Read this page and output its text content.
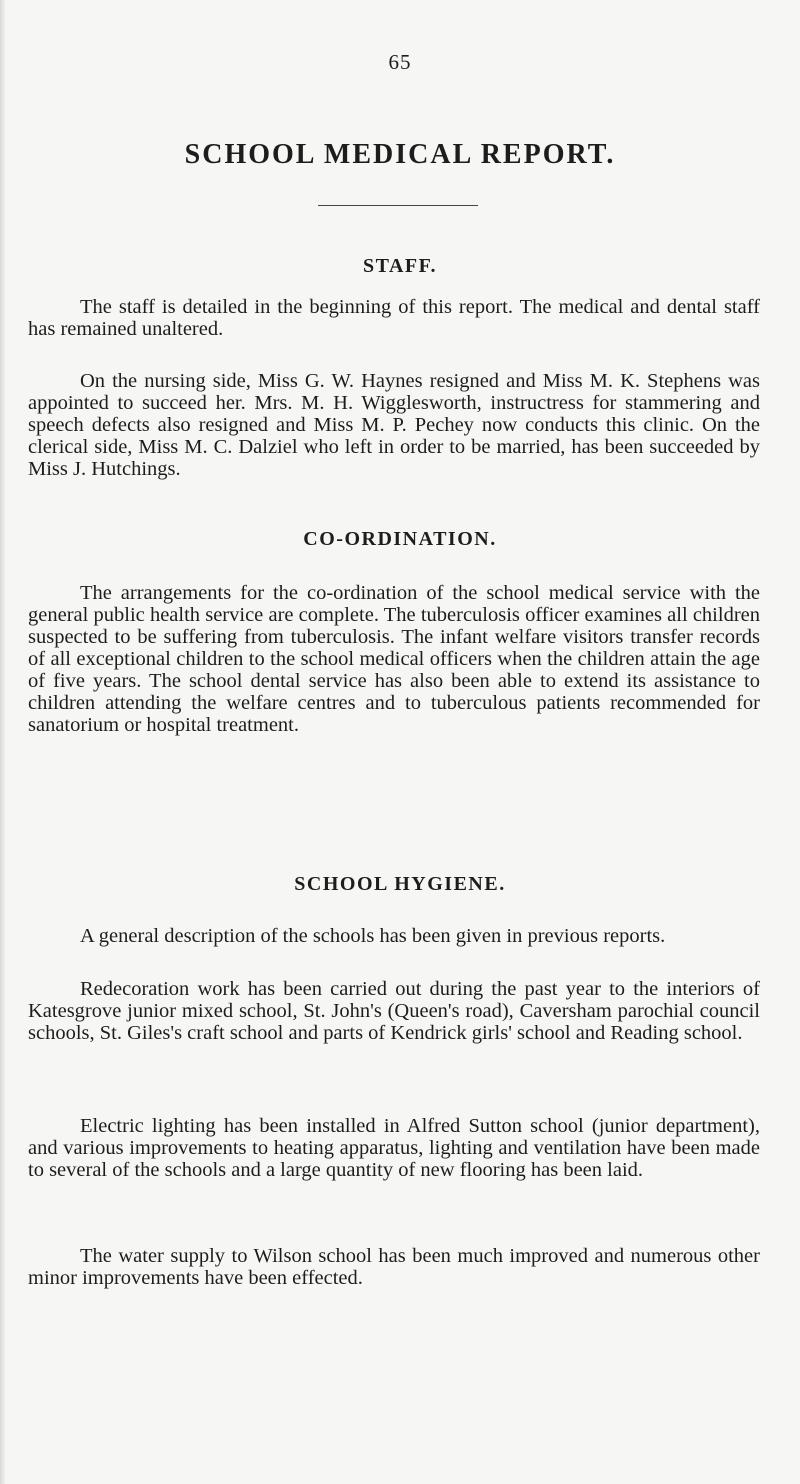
65
SCHOOL MEDICAL REPORT.
STAFF.

The staff is detailed in the beginning of this report. The medical and dental staff has remained unaltered.

On the nursing side, Miss G. W. Haynes resigned and Miss M. K. Stephens was appointed to succeed her. Mrs. M. H. Wigglesworth, instructress for stammering and speech defects also resigned and Miss M. P. Pechey now conducts this clinic. On the clerical side, Miss M. C. Dalziel who left in order to be married, has been succeeded by Miss J. Hutchings.

CO-ORDINATION.

The arrangements for the co-ordination of the school medical service with the general public health service are complete. The tuberculosis officer examines all children suspected to be suffering from tuberculosis. The infant welfare visitors transfer records of all exceptional children to the school medical officers when the children attain the age of five years. The school dental service has also been able to extend its assistance to children attending the welfare centres and to tuberculous patients recommended for sanatorium or hospital treatment.

SCHOOL HYGIENE.

A general description of the schools has been given in previous reports.

Redecoration work has been carried out during the past year to the interiors of Katesgrove junior mixed school, St. John's (Queen's road), Caversham parochial council schools, St. Giles's craft school and parts of Kendrick girls' school and Reading school.

Electric lighting has been installed in Alfred Sutton school (junior department), and various improvements to heating apparatus, lighting and ventilation have been made to several of the schools and a large quantity of new flooring has been laid.

The water supply to Wilson school has been much improved and numerous other minor improvements have been effected.
